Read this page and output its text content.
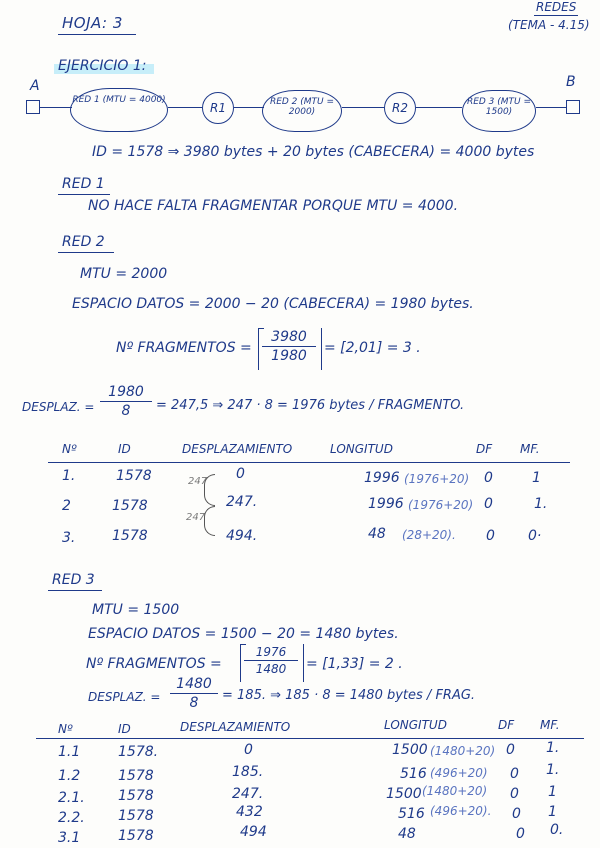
HOJA: 3
REDES
(TEMA - 4.15)
EJERCICIO 1:
A
RED 1 (MTU = 4000)
R1	RED 2 (MTU = 2000)	R2	RED 3 (MTU = 1500)
B
ID = 1578 ⇒ 3980 bytes + 20 bytes (CABECERA) = 4000 bytes
RED 1
NO HACE FALTA FRAGMENTAR PORQUE MTU = 4000.
RED 2
MTU = 2000
ESPACIO DATOS = 2000 − 20 (CABECERA) = 1980 bytes.
Nº FRAGMENTOS =
3980
1980	= [2,01] = 3 .
DESPLAZ. =
1980
8	= 247,5 ⇒ 247 · 8 = 1976 bytes / FRAGMENTO.
Nº	ID	DESPLAZAMIENTO	LONGITUD	DF MF.
1.	1578	0	1996 (1976+20) 0	1
2	1578	247.	1996 (1976+20) 0	1.
3.	1578	494.	48 (28+20). 0 0·
247
247
RED 3
MTU = 1500
ESPACIO DATOS = 1500 − 20 = 1480 bytes.
Nº FRAGMENTOS =
1976
1480	= [1,33] = 2 .
DESPLAZ. =
1480
8	= 185. ⇒ 185 · 8 = 1480 bytes / FRAG.
Nº	ID	DESPLAZAMIENTO	LONGITUD	DF MF.
1.1	1578.	0	1500 (1480+20) 0 1.
1.2	1578	185.	516 (496+20) 0 1.
2.1. 1578	247.	1500 (1480+20) 0 1
2.2. 1578	432	516 (496+20). 0 1
3.1	1578	494	48	0 0.
